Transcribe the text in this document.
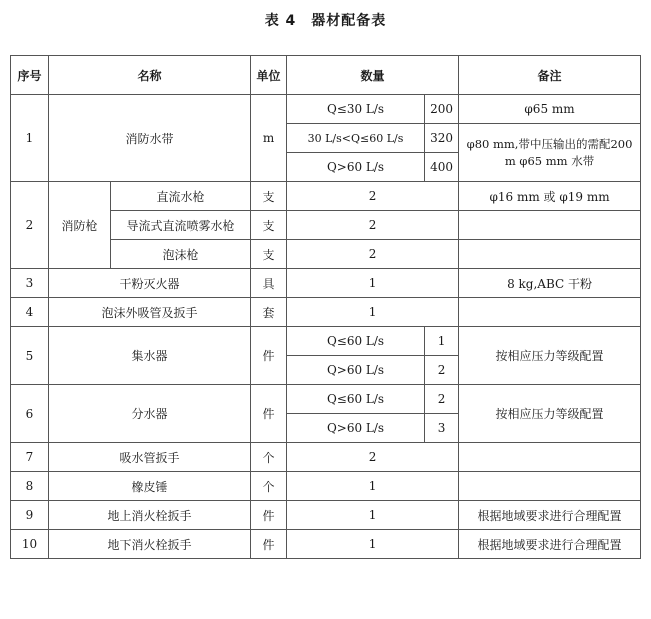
表 4　器材配备表
序号	名称		单位	数量		备注
1	消防水带		m	Q≤30 L/s	200	φ65 mm
				30 L/s<Q≤60 L/s	320	φ80 mm,带中压输出的需配200 m φ65 mm 水带
				Q>60 L/s	400	
2	消防枪	直流水枪	支	2		φ16 mm 或 φ19 mm
		导流式直流喷雾水枪	支	2		
		泡沫枪	支	2		
3	干粉灭火器		具	1		8 kg,ABC 干粉
4	泡沫外吸管及扳手		套	1		
5	集水器		件	Q≤60 L/s	1	按相应压力等级配置
				Q>60 L/s	2	
6	分水器		件	Q≤60 L/s	2	按相应压力等级配置
				Q>60 L/s	3	
7	吸水管扳手		个	2		
8	橡皮锤		个	1		
9	地上消火栓扳手		件	1		根据地域要求进行合理配置
10	地下消火栓扳手		件	1		根据地域要求进行合理配置
